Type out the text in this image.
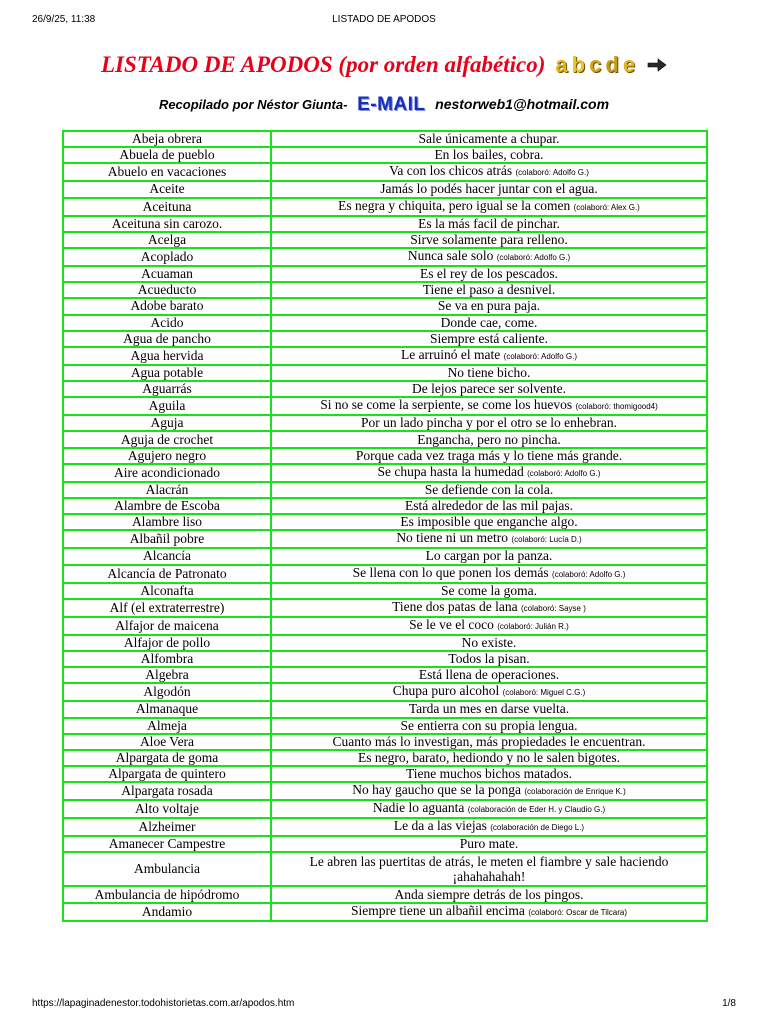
26/9/25, 11:38	LISTADO DE APODOS
LISTADO DE APODOS (por orden alfabético) a b c d e
Recopilado por Néstor Giunta- E-MAIL nestorweb1@hotmail.com
Abeja obrera	Sale únicamente a chupar.
Abuela de pueblo	En los bailes, cobra.
Abuelo en vacaciones	Va con los chicos atrás (colaboró: Adolfo G.)
Aceite	Jamás lo podés hacer juntar con el agua.
Aceituna	Es negra y chiquita, pero igual se la comen (colaboró: Alex G.)
Aceituna sin carozo.	Es la más facil de pinchar.
Acelga	Sirve solamente para relleno.
Acoplado	Nunca sale solo (colaboró: Adolfo G.)
Acuaman	Es el rey de los pescados.
Acueducto	Tiene el paso a desnivel.
Adobe barato	Se va en pura paja.
Acido	Donde cae, come.
Agua de pancho	Siempre está caliente.
Agua hervida	Le arruinó el mate (colaboró: Adolfo G.)
Agua potable	No tiene bicho.
Aguarrás	De lejos parece ser solvente.
Aguila	Si no se come la serpiente, se come los huevos (colaboró: thomigood4)
Aguja	Por un lado pincha y por el otro se lo enhebran.
Aguja de crochet	Engancha, pero no pincha.
Agujero negro	Porque cada vez traga más y lo tiene más grande.
Aire acondicionado	Se chupa hasta la humedad (colaboró: Adolfo G.)
Alacrán	Se defiende con la cola.
Alambre de Escoba	Está alrededor de las mil pajas.
Alambre liso	Es imposible que enganche algo.
Albañil pobre	No tiene ni un metro (colaboró: Lucía D.)
Alcancía	Lo cargan por la panza.
Alcancía de Patronato	Se llena con lo que ponen los demás (colaboró: Adolfo G.)
Alconafta	Se come la goma.
Alf (el extraterrestre)	Tiene dos patas de lana (colaboró: Sayse )
Alfajor de maicena	Se le ve el coco (colaboró: Julián R.)
Alfajor de pollo	No existe.
Alfombra	Todos la pisan.
Algebra	Está llena de operaciones.
Algodón	Chupa puro alcohol (colaboró: Miguel C.G.)
Almanaque	Tarda un mes en darse vuelta.
Almeja	Se entierra con su propia lengua.
Aloe Vera	Cuanto más lo investigan, más propiedades le encuentran.
Alpargata de goma	Es negro, barato, hediondo y no le salen bigotes.
Alpargata de quintero	Tiene muchos bichos matados.
Alpargata rosada	No hay gaucho que se la ponga (colaboración de Enrique K.)
Alto voltaje	Nadie lo aguanta (colaboración de Eder H. y Claudio G.)
Alzheimer	Le da a las viejas (colaboración de Diego L.)
Amanecer Campestre	Puro mate.
Ambulancia	Le abren las puertitas de atrás, le meten el fiambre y sale haciendo ¡ahahahahah!
Ambulancia de hipódromo	Anda siempre detrás de los pingos.
Andamio	Siempre tiene un albañil encima (colaboró: Oscar de Tilcara)
https://lapaginadenestor.todohistorietas.com.ar/apodos.htm	1/8
